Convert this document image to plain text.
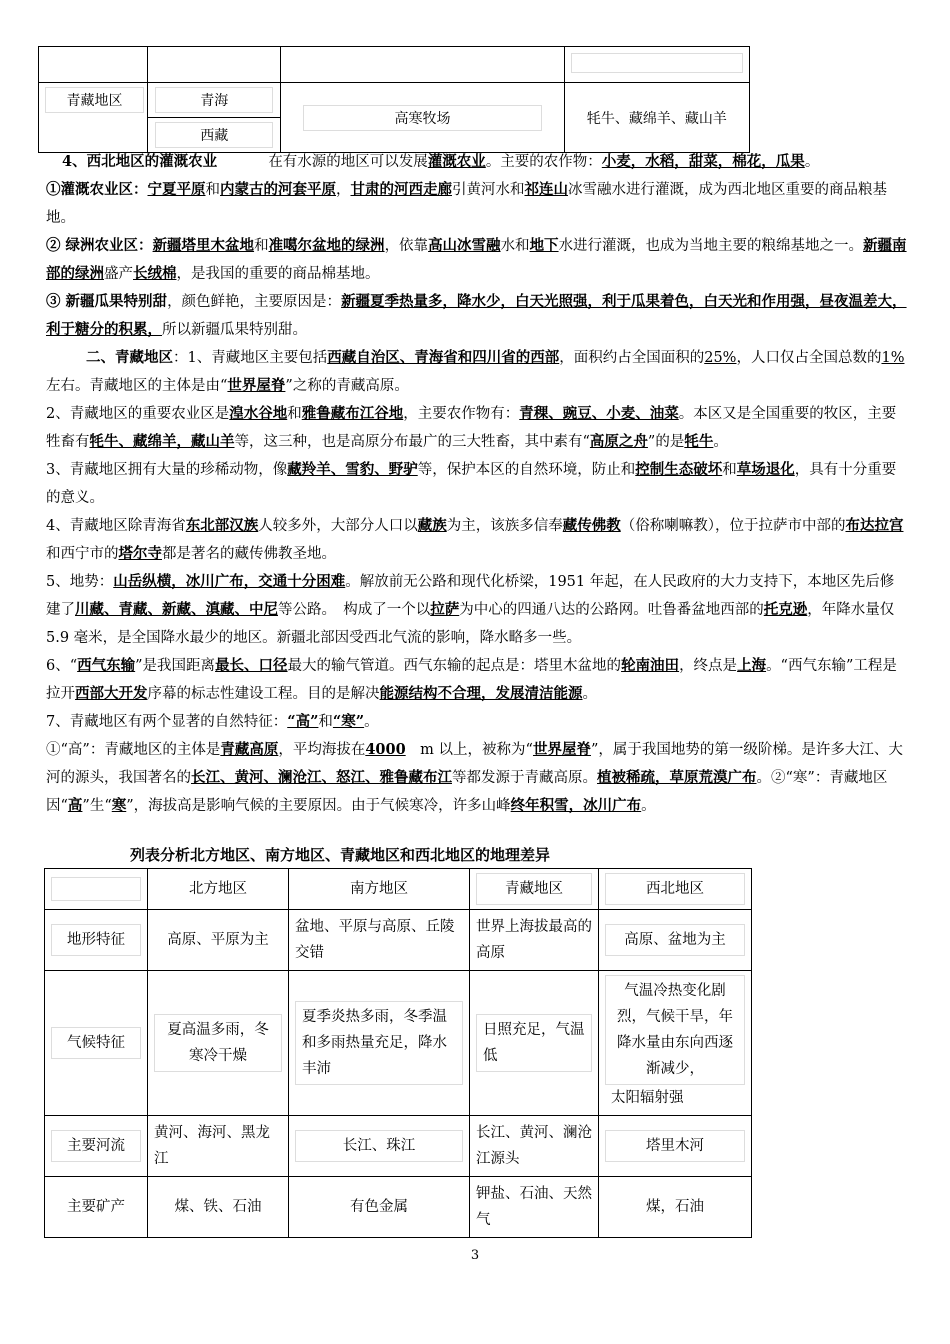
青藏地区	青海	高寒牧场	牦牛、藏绵羊、藏山羊
	西藏		

4、西北地区的灌溉农业	在有水源的地区可以发展灌溉农业。主要的农作物：小麦，水稻，甜菜，棉花，瓜果。

①灌溉农业区：宁夏平原和内蒙古的河套平原，甘肃的河西走廊引黄河水和祁连山冰雪融水进行灌溉，成为西北地区重要的商品粮基地。

② 绿洲农业区：新疆塔里木盆地和准噶尔盆地的绿洲，依靠高山冰雪融水和地下水进行灌溉，也成为当地主要的粮绵基地之一。新疆南部的绿洲盛产长绒棉，是我国的重要的商品棉基地。

③ 新疆瓜果特别甜，颜色鲜艳，主要原因是：新疆夏季热量多，降水少，白天光照强，利于瓜果着色，白天光和作用强，昼夜温差大，利于糖分的积累，所以新疆瓜果特别甜。

二、青藏地区：1、青藏地区主要包括西藏自治区、青海省和四川省的西部，面积约占全国面积的25%，人口仅占全国总数的1%左右。青藏地区的主体是由“世界屋脊”之称的青藏高原。

2、青藏地区的重要农业区是湟水谷地和雅鲁藏布江谷地，主要农作物有：青稞、豌豆、小麦、油菜。本区又是全国重要的牧区，主要牲畜有牦牛、藏绵羊，藏山羊等，这三种，也是高原分布最广的三大牲畜，其中素有“高原之舟”的是牦牛。

3、青藏地区拥有大量的珍稀动物，像藏羚羊、雪豹、野驴等，保护本区的自然环境，防止和控制生态破坏和草场退化，具有十分重要的意义。

4、青藏地区除青海省东北部汉族人较多外，大部分人口以藏族为主，该族多信奉藏传佛教（俗称喇嘛教），位于拉萨市中部的布达拉宫和西宁市的塔尔寺都是著名的藏传佛教圣地。

5、地势：山岳纵横，冰川广布，交通十分困难。解放前无公路和现代化桥梁，1951 年起，在人民政府的大力支持下，本地区先后修建了川藏、青藏、新藏、滇藏、中尼等公路。　构成了一个以拉萨为中心的四通八达的公路网。吐鲁番盆地西部的托克逊，年降水量仅 5.9 毫米，是全国降水最少的地区。新疆北部因受西北气流的影响，降水略多一些。

6、“西气东输”是我国距离最长、口径最大的输气管道。西气东输的起点是：塔里木盆地的轮南油田，终点是上海。“西气东输”工程是拉开西部大开发序幕的标志性建设工程。目的是解决能源结构不合理，发展清洁能源。

7、青藏地区有两个显著的自然特征：“高”和“寒”。

①“高”：青藏地区的主体是青藏高原，平均海拔在4000　m 以上，被称为“世界屋脊”，属于我国地势的第一级阶梯。是许多大江、大河的源头，我国著名的长江、黄河、澜沧江、怒江、雅鲁藏布江等都发源于青藏高原。植被稀疏，草原荒漠广布。②“寒”：青藏地区因“高”生“寒”，海拔高是影响气候的主要原因。由于气候寒冷，许多山峰终年积雪，冰川广布。

列表分析北方地区、南方地区、青藏地区和西北地区的地理差异
	北方地区	南方地区	青藏地区	西北地区

地形特征	高原、平原为主	盆地、平原与高原、丘陵交错	世界上海拔最高的高原	高原、盆地为主

气候特征	夏高温多雨，冬寒冷干燥	夏季炎热多雨，冬季温和多雨热量充足，降水丰沛	日照充足，气温低	气温冷热变化剧烈，气候干旱，年降水量由东向西逐渐减少，
太阳辐射强

主要河流	黄河、海河、黑龙江	长江、珠江	长江、黄河、澜沧江源头	塔里木河

主要矿产	煤、铁、石油	有色金属	钾盐、石油、天然气	煤，石油
3
